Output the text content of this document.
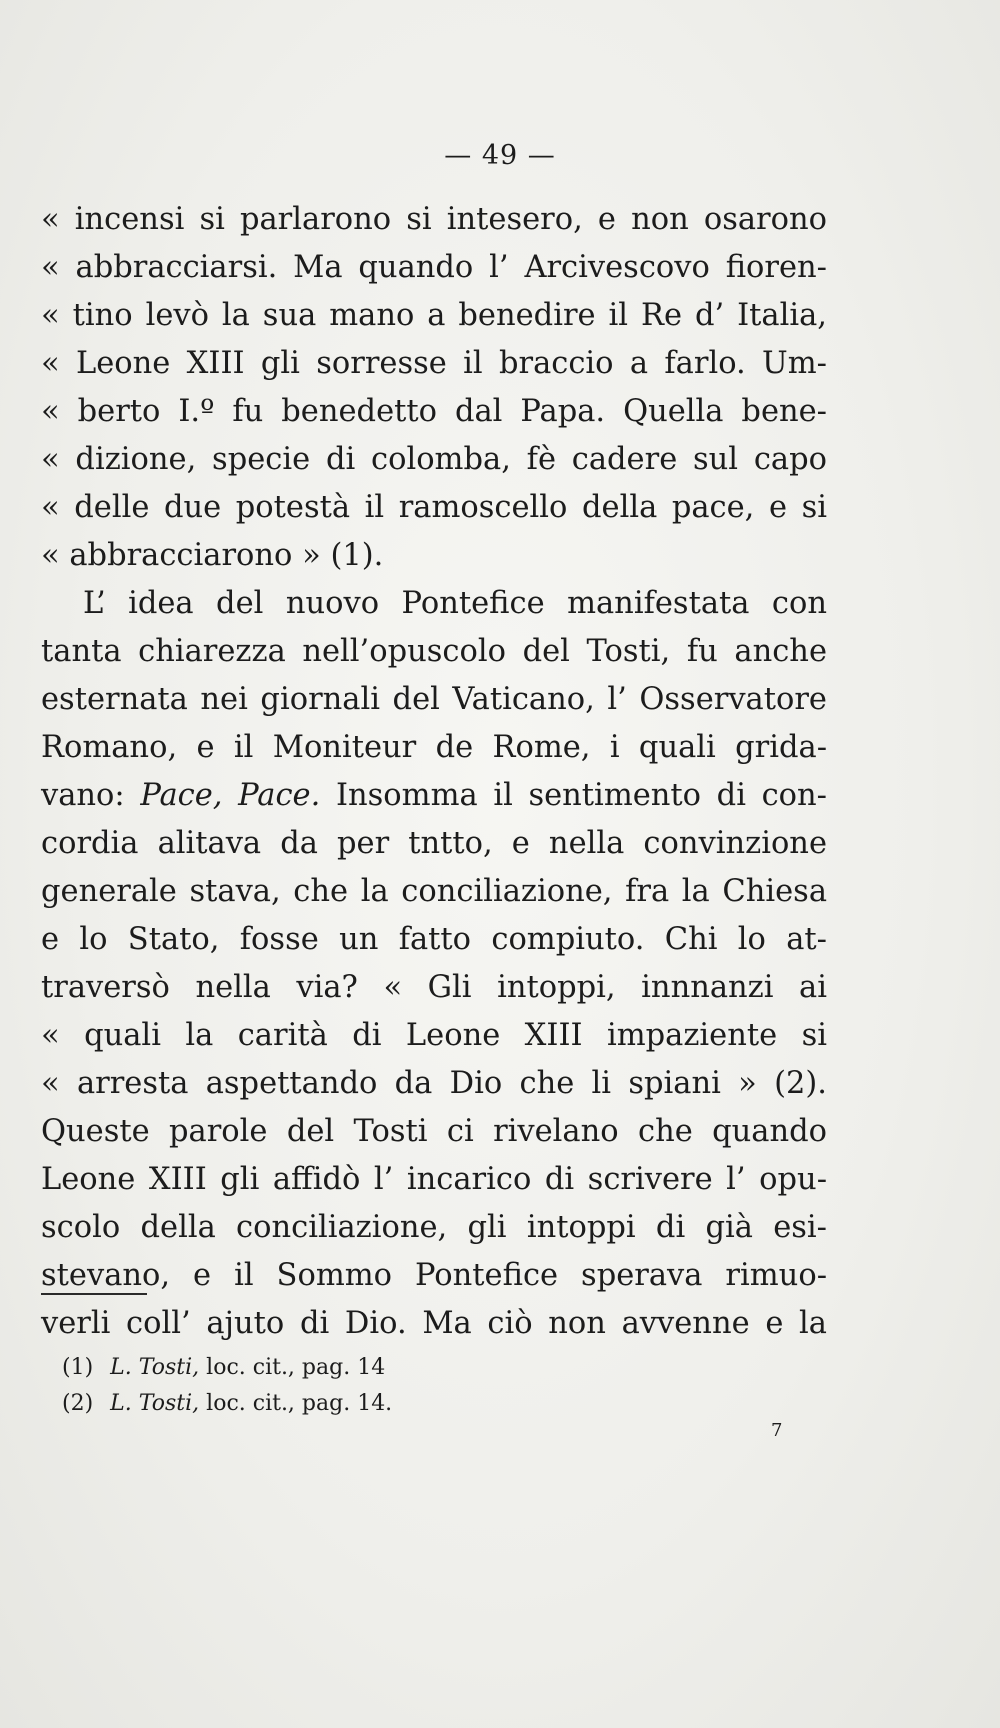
— 49 —
« incensi si parlarono si intesero, e non osarono
« abbracciarsi. Ma quando l’ Arcivescovo fioren-
« tino levò la sua mano a benedire il Re d’ Italia,
« Leone XIII gli sorresse il braccio a farlo. Um-
« berto I.º fu benedetto dal Papa. Quella bene-
« dizione, specie di colomba, fè cadere sul capo
« delle due potestà il ramoscello della pace, e si
« abbracciarono » (1).
L’ idea del nuovo Pontefice manifestata con
tanta chiarezza nell’opuscolo del Tosti, fu anche
esternata nei giornali del Vaticano, l’ Osservatore
Romano, e il Moniteur de Rome, i quali grida-
vano: Pace, Pace. Insomma il sentimento di con-
cordia alitava da per tntto, e nella convinzione
generale stava, che la conciliazione, fra la Chiesa
e lo Stato, fosse un fatto compiuto. Chi lo at-
traversò nella via? « Gli intoppi, innnanzi ai
« quali la carità di Leone XIII impaziente si
« arresta aspettando da Dio che li spiani » (2).
Queste parole del Tosti ci rivelano che quando
Leone XIII gli affidò l’ incarico di scrivere l’ opu-
scolo della conciliazione, gli intoppi di già esi-
stevano, e il Sommo Pontefice sperava rimuo-
verli coll’ ajuto di Dio. Ma ciò non avvenne e la
(1) L. Tosti, loc. cit., pag. 14
(2) L. Tosti, loc. cit., pag. 14.
7
